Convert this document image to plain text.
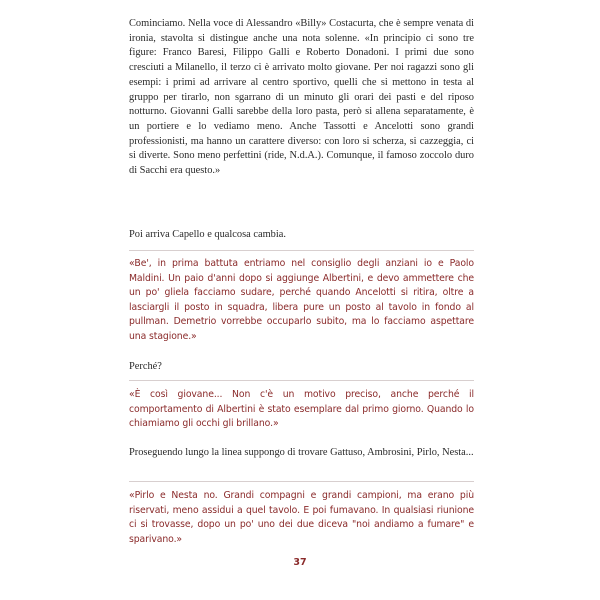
Cominciamo. Nella voce di Alessandro «Billy» Costacurta, che è sempre venata di ironia, stavolta si distingue anche una nota solenne. «In principio ci sono tre figure: Franco Baresi, Filippo Galli e Roberto Donadoni. I primi due sono cresciuti a Milanello, il terzo ci è arrivato molto giovane. Per noi ragazzi sono gli esempi: i primi ad arrivare al centro sportivo, quelli che si mettono in testa al gruppo per tirarlo, non sgarrano di un minuto gli orari dei pasti e del riposo notturno. Giovanni Galli sarebbe della loro pasta, però si allena separatamente, è un portiere e lo vediamo meno. Anche Tassotti e Ancelotti sono grandi professionisti, ma hanno un carattere diverso: con loro si scherza, si cazzeggia, ci si diverte. Sono meno perfettini (ride, N.d.A.). Comunque, il famoso zoccolo duro di Sacchi era questo.»

Poi arriva Capello e qualcosa cambia.

«Be', in prima battuta entriamo nel consiglio degli anziani io e Paolo Maldini. Un paio d'anni dopo si aggiunge Albertini, e devo ammettere che un po' gliela facciamo sudare, perché quando Ancelotti si ritira, oltre a lasciargli il posto in squadra, libera pure un posto al tavolo in fondo al pullman. Demetrio vorrebbe occuparlo subito, ma lo facciamo aspettare una stagione.»

Perché?

«È così giovane... Non c'è un motivo preciso, anche perché il comportamento di Albertini è stato esemplare dal primo giorno. Quando lo chiamiamo gli occhi gli brillano.»

Proseguendo lungo la linea suppongo di trovare Gattuso, Ambrosini, Pirlo, Nesta...

«Pirlo e Nesta no. Grandi compagni e grandi campioni, ma erano più riservati, meno assidui a quel tavolo. E poi fumavano. In qualsiasi riunione ci si trovasse, dopo un po' uno dei due diceva "noi andiamo a fumare" e sparivano.»

37
